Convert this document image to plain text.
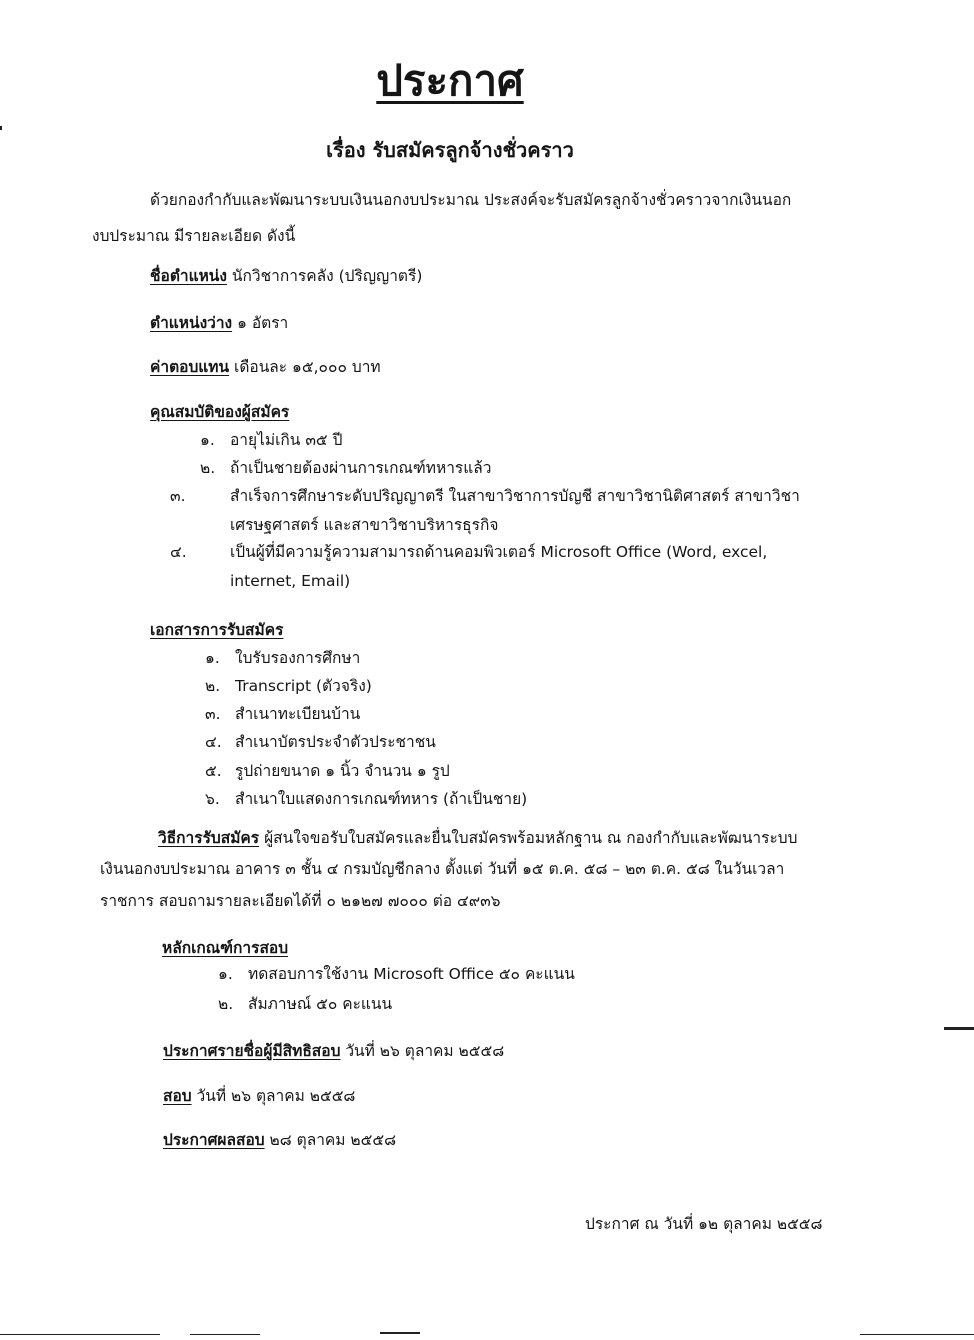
ประกาศ
เรื่อง รับสมัครลูกจ้างชั่วคราว
ด้วยกองกำกับและพัฒนาระบบเงินนอกงบประมาณ ประสงค์จะรับสมัครลูกจ้างชั่วคราวจากเงินนอก
งบประมาณ มีรายละเอียด ดังนี้
ชื่อตำแหน่ง นักวิชาการคลัง (ปริญญาตรี)
ตำแหน่งว่าง ๑ อัตรา
ค่าตอบแทน เดือนละ ๑๕,๐๐๐ บาท
คุณสมบัติของผู้สมัคร
๑. อายุไม่เกิน ๓๕ ปี
๒. ถ้าเป็นชายต้องผ่านการเกณฑ์ทหารแล้ว
๓.	สำเร็จการศึกษาระดับปริญญาตรี ในสาขาวิชาการบัญชี สาขาวิชานิติศาสตร์ สาขาวิชาเศรษฐศาสตร์ และสาขาวิชาบริหารธุรกิจ
๔.	เป็นผู้ที่มีความรู้ความสามารถด้านคอมพิวเตอร์ Microsoft Office (Word, excel, internet, Email)
เอกสารการรับสมัคร
๑. ใบรับรองการศึกษา
๒. Transcript (ตัวจริง)
๓. สำเนาทะเบียนบ้าน
๔. สำเนาบัตรประจำตัวประชาชน
๕. รูปถ่ายขนาด ๑ นิ้ว จำนวน ๑ รูป
๖. สำเนาใบแสดงการเกณฑ์ทหาร (ถ้าเป็นชาย)
วิธีการรับสมัคร ผู้สนใจขอรับใบสมัครและยื่นใบสมัครพร้อมหลักฐาน ณ กองกำกับและพัฒนาระบบ
เงินนอกงบประมาณ อาคาร ๓ ชั้น ๔ กรมบัญชีกลาง ตั้งแต่ วันที่ ๑๕ ต.ค. ๕๘ – ๒๓ ต.ค. ๕๘ ในวันเวลา
ราชการ สอบถามรายละเอียดได้ที่ ๐ ๒๑๒๗ ๗๐๐๐ ต่อ ๔๙๓๖
หลักเกณฑ์การสอบ
๑. ทดสอบการใช้งาน Microsoft Office ๕๐ คะแนน
๒. สัมภาษณ์ ๕๐ คะแนน
ประกาศรายชื่อผู้มีสิทธิสอบ วันที่ ๒๖ ตุลาคม ๒๕๕๘
สอบ วันที่ ๒๖ ตุลาคม ๒๕๕๘
ประกาศผลสอบ ๒๘ ตุลาคม ๒๕๕๘
ประกาศ ณ วันที่ ๑๒ ตุลาคม ๒๕๕๘
